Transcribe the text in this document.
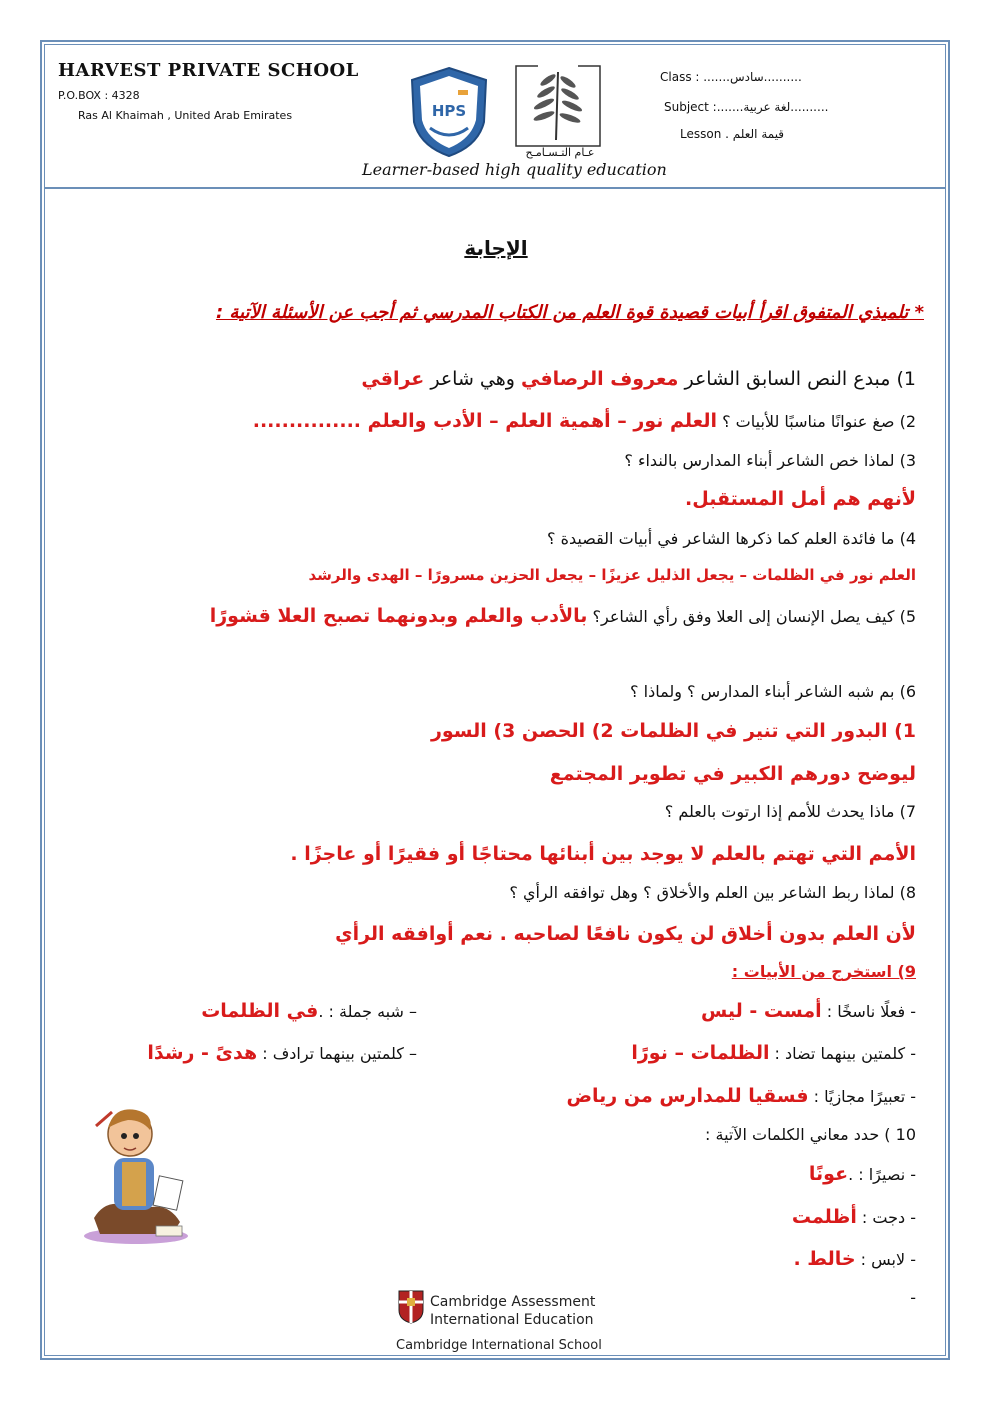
HARVEST PRIVATE SCHOOL
P.O.BOX : 4328
Ras Al Khaimah , United Arab Emirates	HPS
عـام التـسـامـح
Learner-based high quality education
Class : .......سادس..........
Subject :.......لغة عربية..........
Lesson . قيمة العلم
الإجابة
* تلميذي المتفوق اقرأ أبيات قصيدة قوة العلم من الكتاب المدرسي ثم أجب عن الأسئلة الآتية :
1) مبدع النص السابق الشاعر معروف الرصافي وهي شاعر عراقي
2) صغ عنوانًا مناسبًا للأبيات ؟ العلم نور – أهمية العلم – الأدب والعلم ...............
3) لماذا خص الشاعر أبناء المدارس بالنداء ؟
لأنهم هم أمل المستقبل.
4) ما فائدة العلم كما ذكرها الشاعر في أبيات القصيدة ؟
العلم نور في الظلمات – يجعل الذليل عزيزًا – يجعل الحزين مسرورًا – الهدى والرشد
5) كيف يصل الإنسان إلى العلا وفق رأي الشاعر؟ بالأدب والعلم وبدونهما تصبح العلا قشورًا
6) بم شبه الشاعر أبناء المدارس ؟ ولماذا ؟
1) البدور التي تنير في الظلمات 2) الحصن 3) السور
ليوضح دورهم الكبير في تطوير المجتمع
7) ماذا يحدث للأمم إذا ارتوت بالعلم ؟
الأمم التي تهتم بالعلم لا يوجد بين أبنائها محتاجًا أو فقيرًا أو عاجزًا .
8) لماذا ربط الشاعر بين العلم والأخلاق ؟ وهل توافقه الرأي ؟
لأن العلم بدون أخلاق لن يكون نافعًا لصاحبه . نعم أوافقه الرأي
9) استخرج من الأبيات :
- فعلًا ناسخًا : أمست - ليس
– شبه جملة : .في الظلمات
- كلمتين بينهما تضاد : الظلمات – نورًا
– كلمتين بينهما ترادف : هدىً - رشدًا
- تعبيرًا مجازيًا : فسقيا للمدارس من رياض
10 ) حدد معاني الكلمات الآتية :
- نصيرًا : .عونًا
- دجت : أظلمت
- لابس : خالط .
-
Cambridge Assessment
International Education
Cambridge International School
